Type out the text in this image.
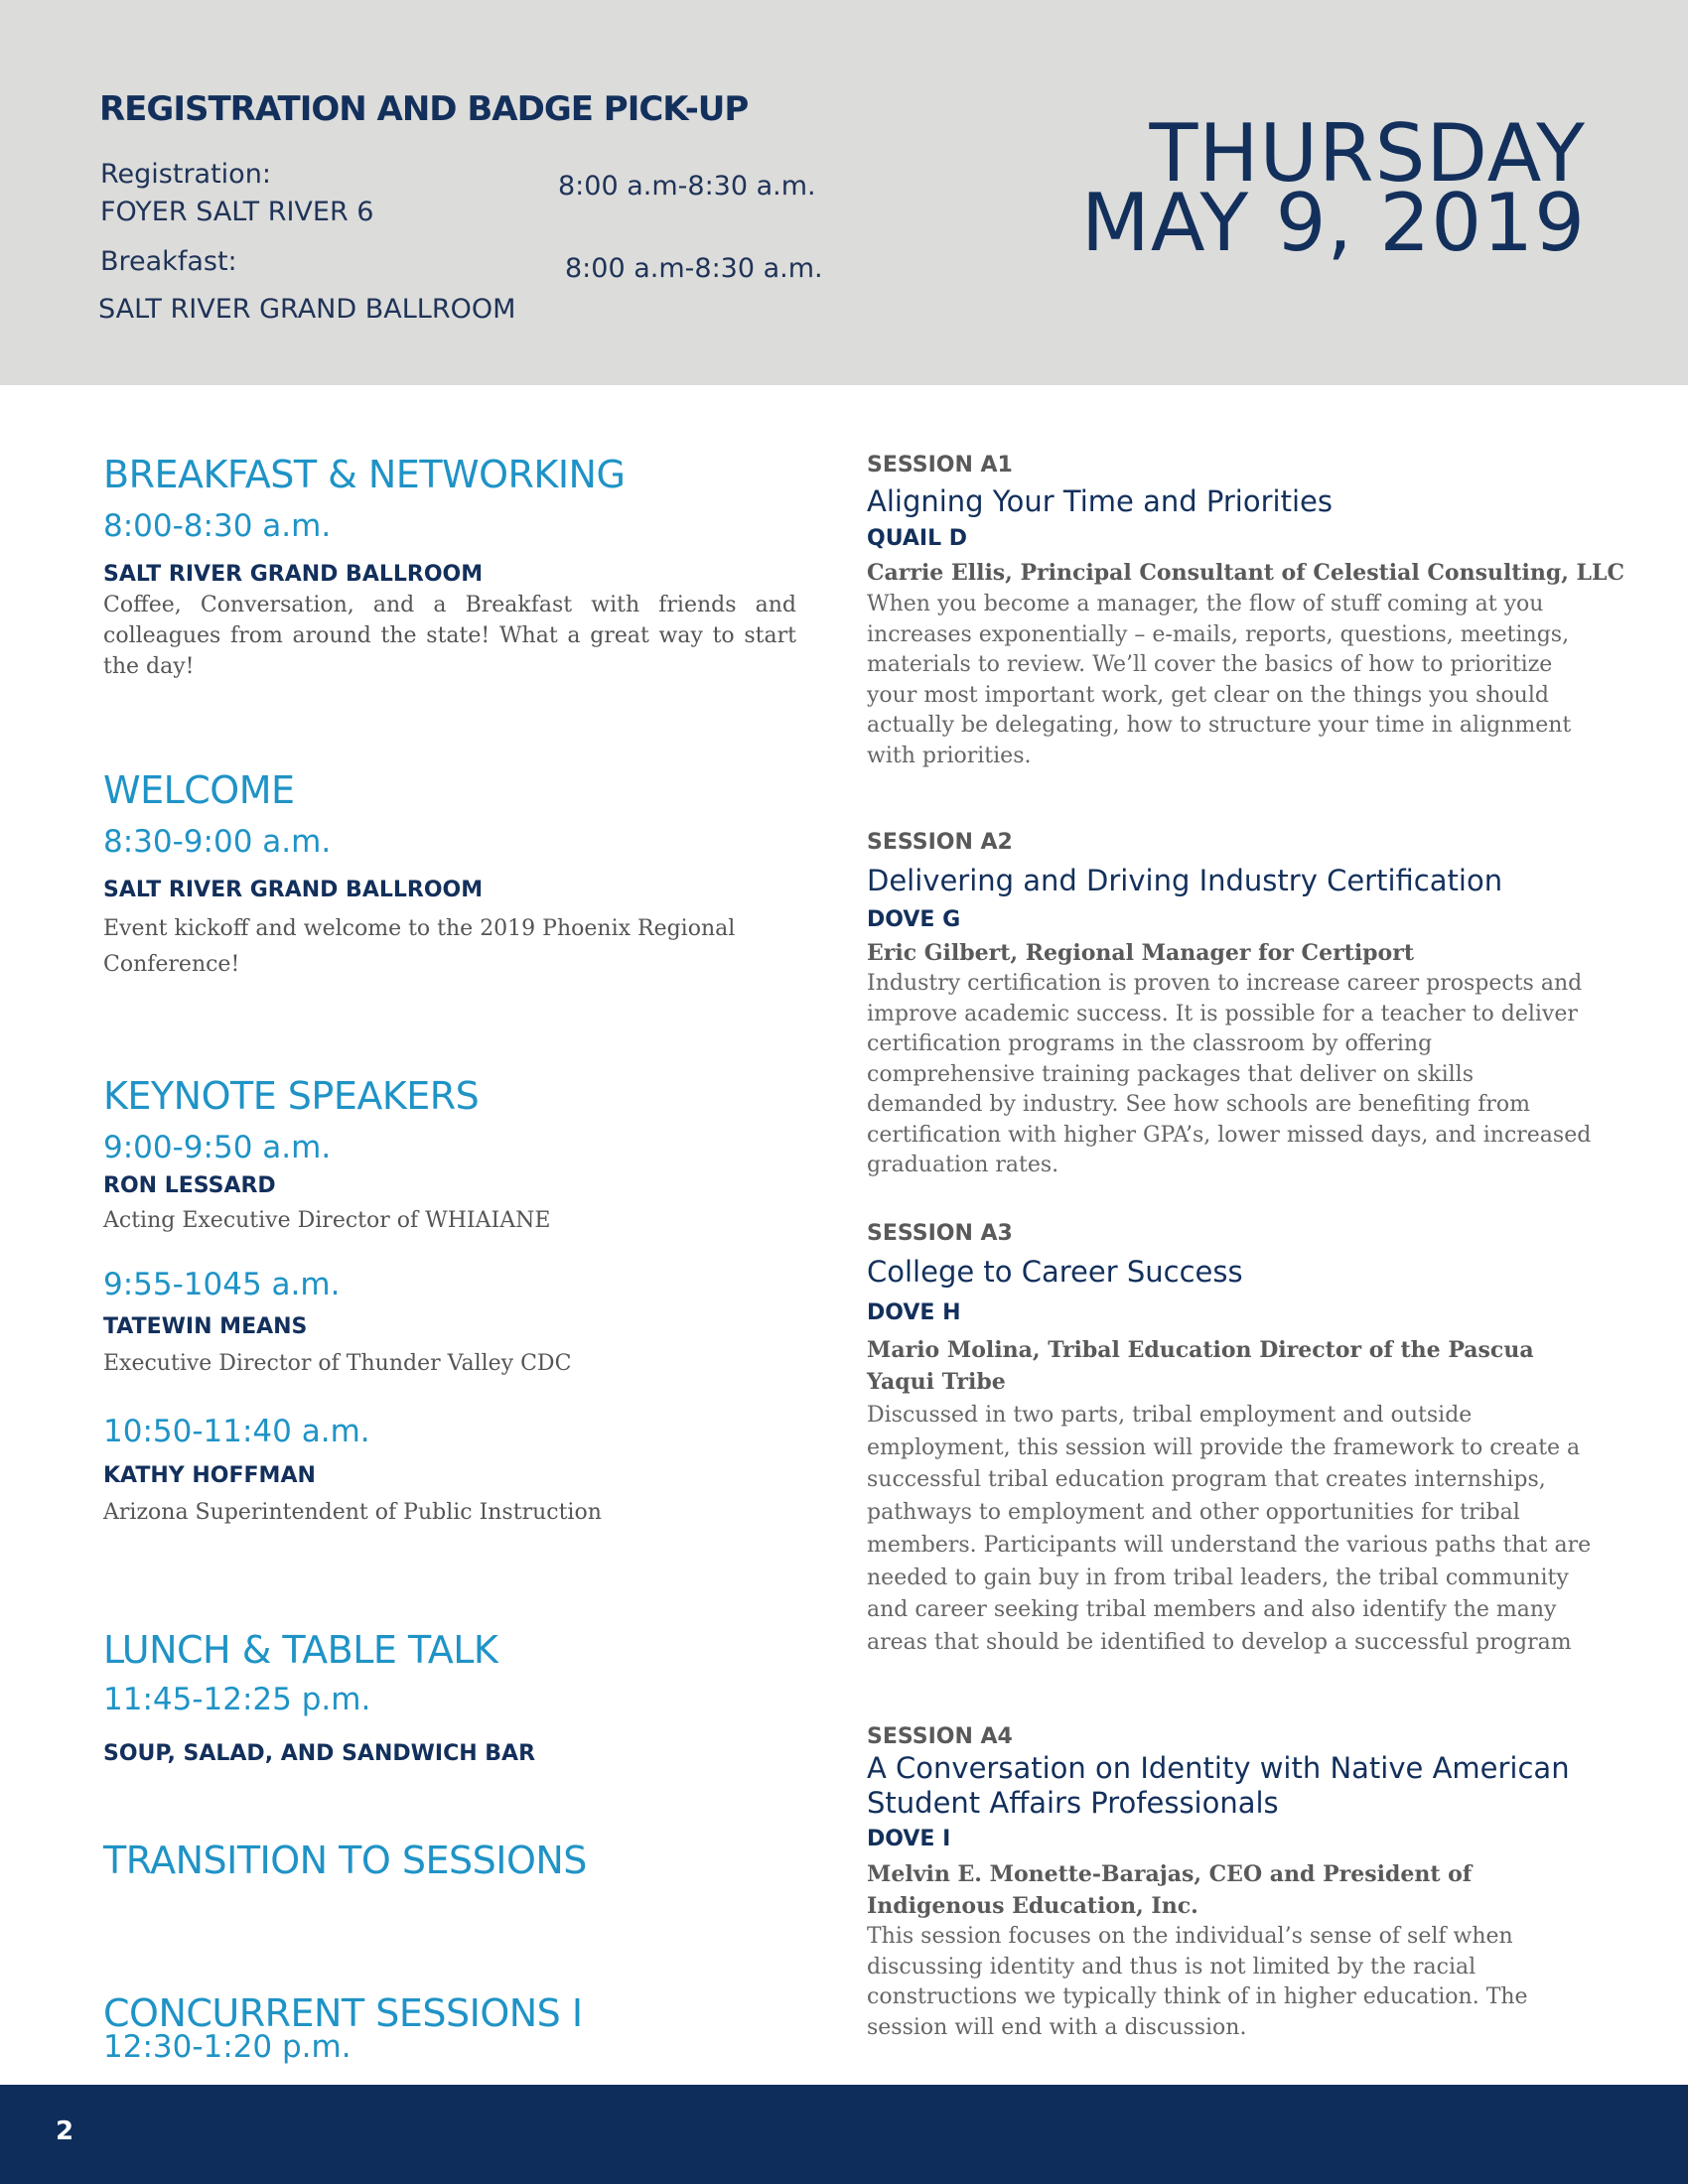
REGISTRATION AND BADGE PICK-UP
Registration:
FOYER SALT RIVER 6
8:00 a.m-8:30 a.m.
Breakfast:
SALT RIVER GRAND BALLROOM
8:00 a.m-8:30 a.m.
THURSDAY
MAY 9, 2019
BREAKFAST & NETWORKING
8:00-8:30 a.m.
SALT RIVER GRAND BALLROOM
Coffee, Conversation, and a Breakfast with friends and colleagues from around the state! What a great way to start the day!
WELCOME
8:30-9:00 a.m.
SALT RIVER GRAND BALLROOM
Event kickoff and welcome to the 2019 Phoenix Regional Conference!
KEYNOTE SPEAKERS
9:00-9:50 a.m.
RON LESSARD
Acting Executive Director of WHIAIANE
9:55-1045 a.m.
TATEWIN MEANS
Executive Director of Thunder Valley CDC
10:50-11:40 a.m.
KATHY HOFFMAN
Arizona Superintendent of Public Instruction
LUNCH & TABLE TALK
11:45-12:25 p.m.
SOUP, SALAD, AND SANDWICH BAR
TRANSITION TO SESSIONS
CONCURRENT SESSIONS I
12:30-1:20 p.m.
SESSION A1
Aligning Your Time and Priorities
QUAIL D
Carrie Ellis, Principal Consultant of Celestial Consulting, LLC
When you become a manager, the flow of stuff coming at you increases exponentially – e-mails, reports, questions, meetings, materials to review. We’ll cover the basics of how to prioritize your most important work, get clear on the things you should actually be delegating, how to structure your time in alignment with priorities.
SESSION A2
Delivering and Driving Industry Certification
DOVE G
Eric Gilbert, Regional Manager for Certiport
Industry certification is proven to increase career prospects and improve academic success. It is possible for a teacher to deliver certification programs in the classroom by offering comprehensive training packages that deliver on skills demanded by industry. See how schools are benefiting from certification with higher GPA’s, lower missed days, and increased graduation rates.
SESSION A3
College to Career Success
DOVE H
Mario Molina, Tribal Education Director of the Pascua Yaqui Tribe
Discussed in two parts, tribal employment and outside employment, this session will provide the framework to create a successful tribal education program that creates internships, pathways to employment and other opportunities for tribal members. Participants will understand the various paths that are needed to gain buy in from tribal leaders, the tribal community and career seeking tribal members and also identify the many areas that should be identified to develop a successful program
SESSION A4
A Conversation on Identity with Native American Student Affairs Professionals
DOVE I
Melvin E. Monette-Barajas, CEO and President of Indigenous Education, Inc.
This session focuses on the individual’s sense of self when discussing identity and thus is not limited by the racial constructions we typically think of in higher education. The session will end with a discussion.
2
